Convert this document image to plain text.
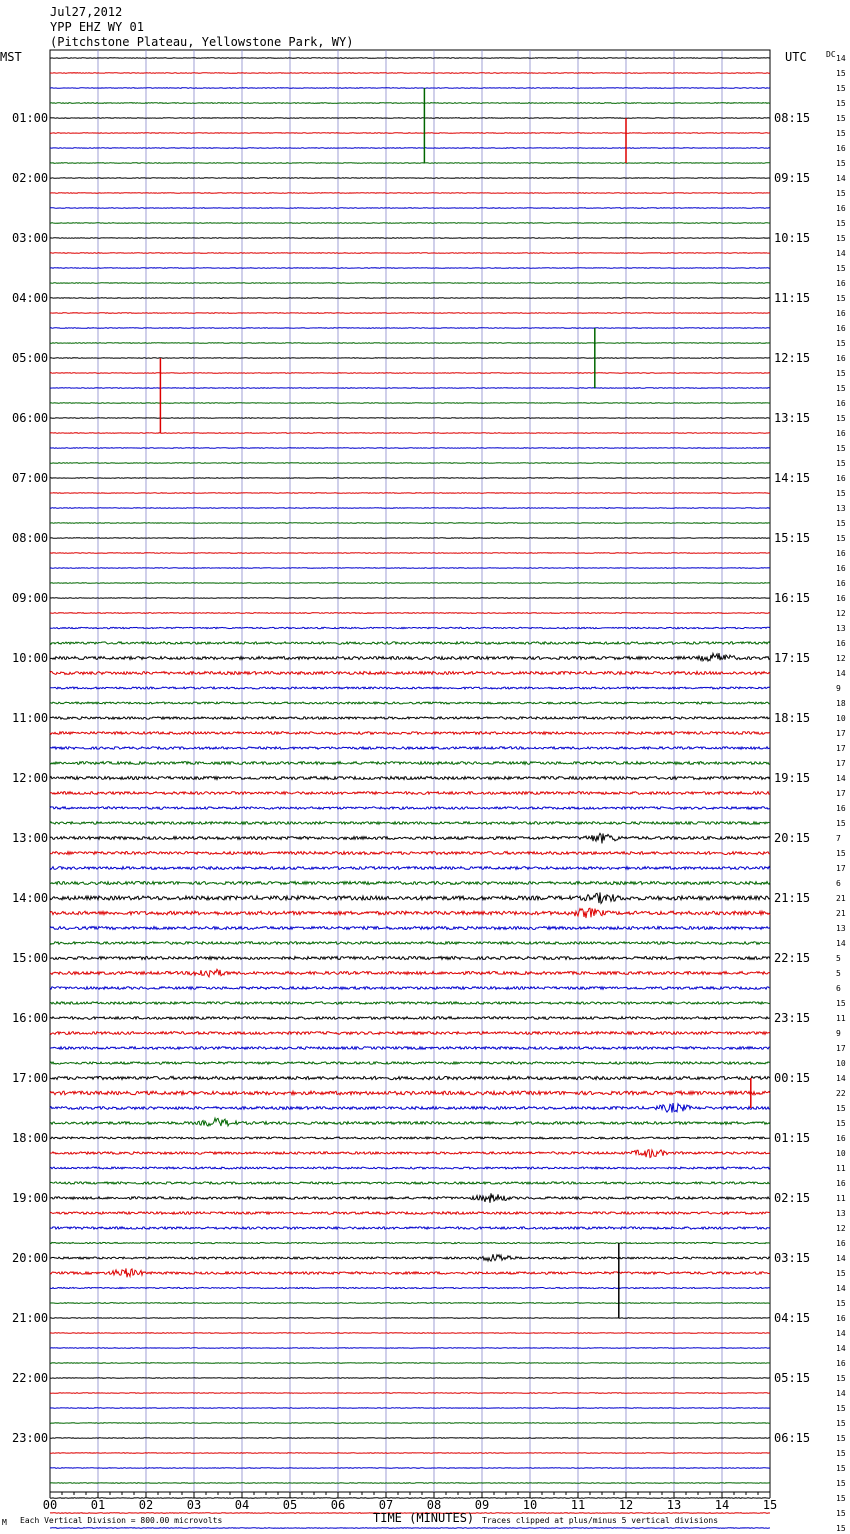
Jul27,2012
YPP EHZ WY 01
(Pitchstone Plateau, Yellowstone Park, WY)
MST	UTC DC
00	01	02	03	04	05	06	07	08	09	10	11	12	13	14	15
14
15
15
15
15
15
16
15
14
15
16
15
15
14
15
16
15
16
16
15
16
15
15
16
15
16
15
15
16
15
13
15
15
16
16
16
16
12
13
16
12
14
9
18
10
17
17
17
14
17
16
15
7
15
17
6
21
21
13
14
5
5
6
15
11
9
17
10
14
22
15
15
16
10
11
16
11
13
12
16
14
15
14
15
16
14
14
16
15
14
15
15
15
15
15
15
15
15
15
01:00	08:15
02:00	09:15
03:00	10:15
04:00	11:15
05:00	12:15
06:00	13:15
07:00	14:15
08:00	15:15
09:00	16:15
10:00	17:15
11:00	18:15
12:00	19:15
13:00	20:15
14:00	21:15
15:00	22:15
16:00	23:15
17:00	00:15
18:00	01:15
19:00	02:15
20:00	03:15
21:00	04:15
22:00	05:15
23:00	06:15
TIME (MINUTES)
Each Vertical Division = 800.00 microvolts	Traces clipped at plus/minus 5 vertical divisions
M
